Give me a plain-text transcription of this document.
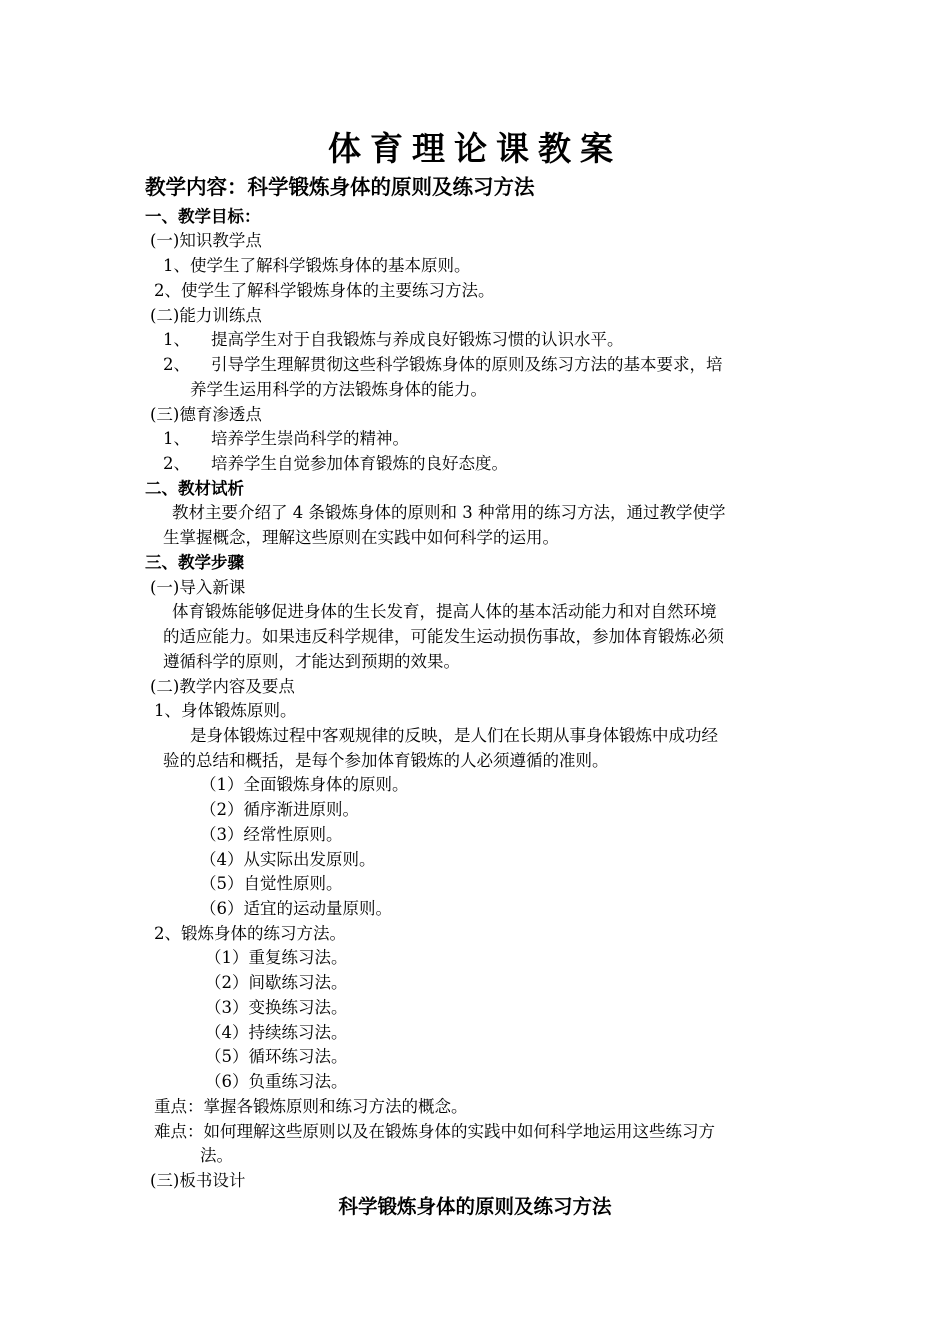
体育理论课教案
教学内容：科学锻炼身体的原则及练习方法
一、教学目标：
(一)知识教学点
1、使学生了解科学锻炼身体的基本原则。
2、使学生了解科学锻炼身体的主要练习方法。
(二)能力训练点
1、 提高学生对于自我锻炼与养成良好锻炼习惯的认识水平。
2、 引导学生理解贯彻这些科学锻炼身体的原则及练习方法的基本要求，培
养学生运用科学的方法锻炼身体的能力。
(三)德育渗透点
1、 培养学生崇尚科学的精神。
2、 培养学生自觉参加体育锻炼的良好态度。
二、教材试析
教材主要介绍了 4 条锻炼身体的原则和 3 种常用的练习方法，通过教学使学
生掌握概念，理解这些原则在实践中如何科学的运用。
三、教学步骤
(一)导入新课
体育锻炼能够促进身体的生长发育，提高人体的基本活动能力和对自然环境
的适应能力。如果违反科学规律，可能发生运动损伤事故，参加体育锻炼必须
遵循科学的原则，才能达到预期的效果。
(二)教学内容及要点
1、身体锻炼原则。
是身体锻炼过程中客观规律的反映，是人们在长期从事身体锻炼中成功经
验的总结和概括，是每个参加体育锻炼的人必须遵循的准则。
（1）全面锻炼身体的原则。
（2）循序渐进原则。
（3）经常性原则。
（4）从实际出发原则。
（5）自觉性原则。
（6）适宜的运动量原则。
2、锻炼身体的练习方法。
（1）重复练习法。
（2）间歇练习法。
（3）变换练习法。
（4）持续练习法。
（5）循环练习法。
（6）负重练习法。
重点：掌握各锻炼原则和练习方法的概念。
难点：如何理解这些原则以及在锻炼身体的实践中如何科学地运用这些练习方
法。
(三)板书设计
科学锻炼身体的原则及练习方法
